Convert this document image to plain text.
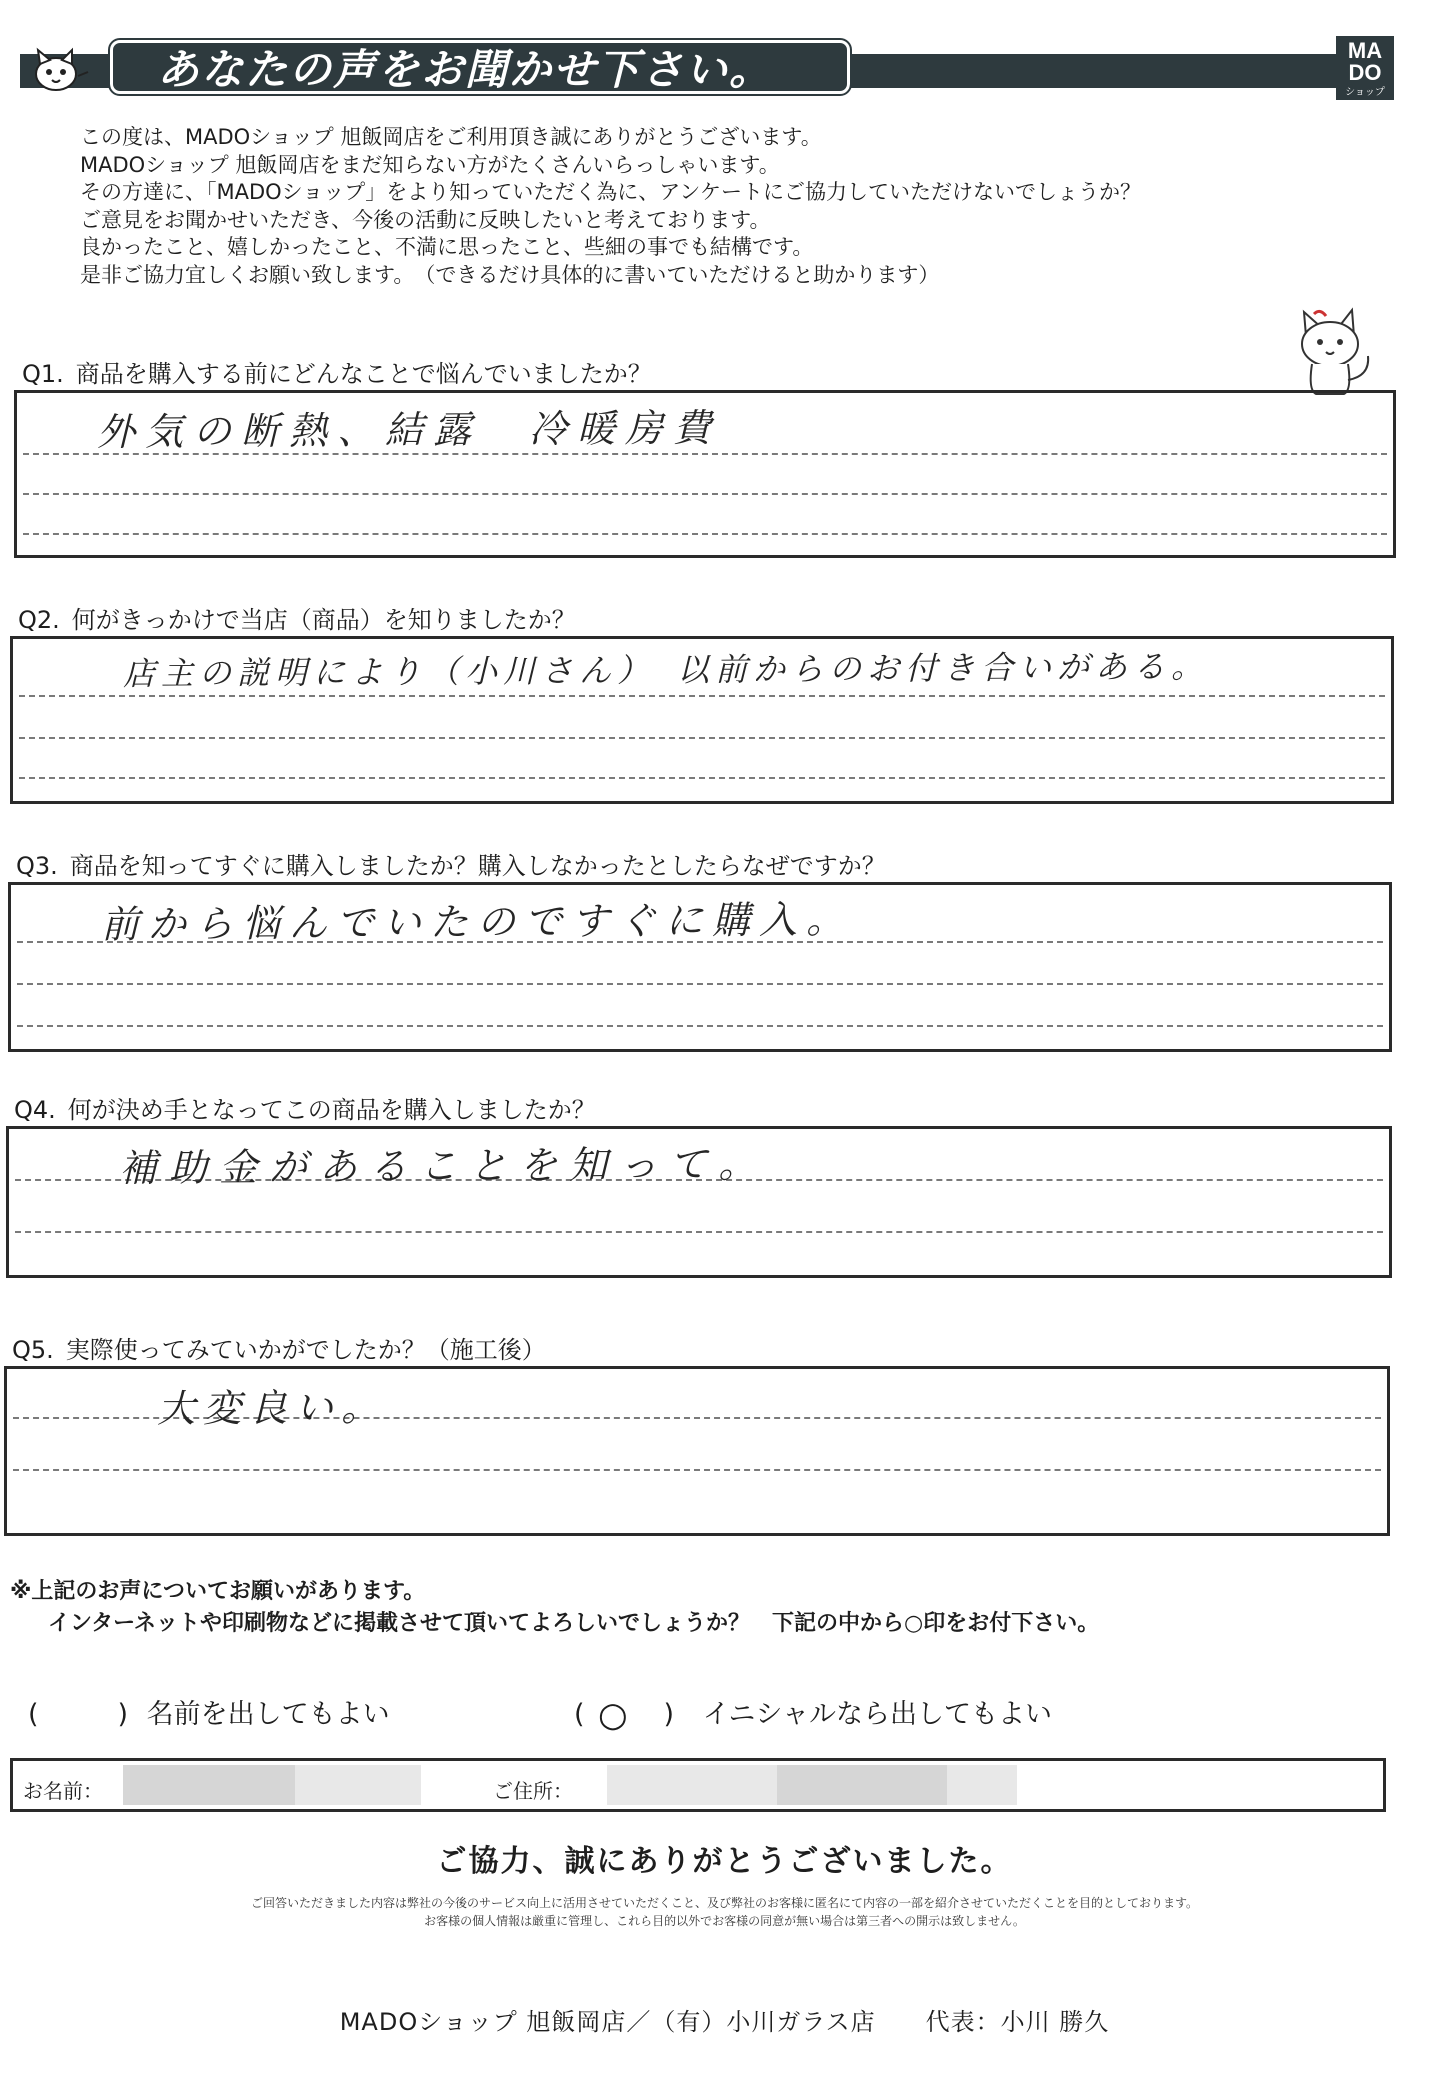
あなたの声をお聞かせ下さい。	MA
DO
ショップ

この度は、MADOショップ 旭飯岡店をご利用頂き誠にありがとうございます。

MADOショップ 旭飯岡店をまだ知らない方がたくさんいらっしゃいます。

その方達に、「MADOショップ」をより知っていただく為に、アンケートにご協力していただけないでしょうか？

ご意見をお聞かせいただき、今後の活動に反映したいと考えております。

良かったこと、嬉しかったこと、不満に思ったこと、些細の事でも結構です。

是非ご協力宜しくお願い致します。　（できるだけ具体的に書いていただけると助かります）

Q1. 商品を購入する前にどんなことで悩んでいましたか？
外気の断熱、結露　冷暖房費
Q2. 何がきっかけで当店（商品）を知りましたか？
店主の説明により（小川さん）　以前からのお付き合いがある。
Q3. 商品を知ってすぐに購入しましたか？購入しなかったとしたらなぜですか？
前から悩んでいたのですぐに購入。
Q4. 何が決め手となってこの商品を購入しましたか？
補助金があることを知って。
Q5. 実際使ってみていかがでしたか？（施工後）
大変良い。
※上記のお声についてお願いがあります。
インターネットや印刷物などに掲載させて頂いてよろしいでしょうか？　下記の中から○印をお付下さい。
(	) 名前を出してもよい	( ○ ) イニシャルなら出してもよい
お名前：	ご住所：
ご協力、誠にありがとうございました。
ご回答いただきました内容は弊社の今後のサービス向上に活用させていただくこと、及び弊社のお客様に匿名にて内容の一部を紹介させていただくことを目的としております。
お客様の個人情報は厳重に管理し、これら目的以外でお客様の同意が無い場合は第三者への開示は致しません。
MADOショップ 旭飯岡店／（有）小川ガラス店　　代表：小川 勝久
